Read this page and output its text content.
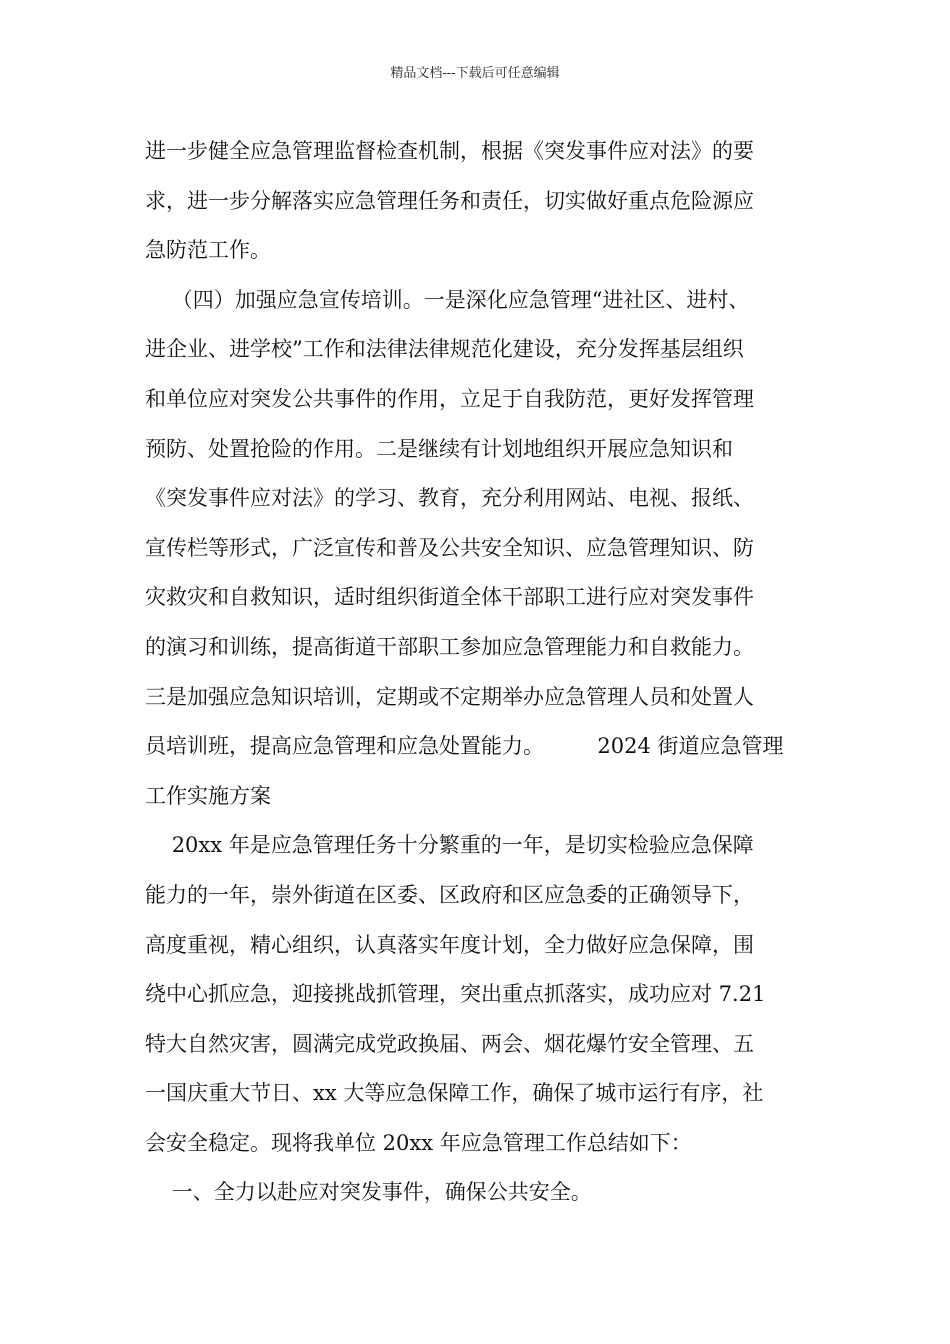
精品文档---下载后可任意编辑
进一步健全应急管理监督检查机制，根据《突发事件应对法》的要
求，进一步分解落实应急管理任务和责任，切实做好重点危险源应
急防范工作。
（四）加强应急宣传培训。一是深化应急管理“进社区、进村、
进企业、进学校”工作和法律法律规范化建设，充分发挥基层组织
和单位应对突发公共事件的作用，立足于自我防范，更好发挥管理
预防、处置抢险的作用。二是继续有计划地组织开展应急知识和
《突发事件应对法》的学习、教育，充分利用网站、电视、报纸、
宣传栏等形式，广泛宣传和普及公共安全知识、应急管理知识、防
灾救灾和自救知识，适时组织街道全体干部职工进行应对突发事件
的演习和训练，提高街道干部职工参加应急管理能力和自救能力。
三是加强应急知识培训，定期或不定期举办应急管理人员和处置人
员培训班，提高应急管理和应急处置能力。        2024 街道应急管理
工作实施方案
20xx 年是应急管理任务十分繁重的一年，是切实检验应急保障
能力的一年，崇外街道在区委、区政府和区应急委的正确领导下，
高度重视，精心组织，认真落实年度计划，全力做好应急保障，围
绕中心抓应急，迎接挑战抓管理，突出重点抓落实，成功应对 7.21
特大自然灾害，圆满完成党政换届、两会、烟花爆竹安全管理、五
一国庆重大节日、xx 大等应急保障工作，确保了城市运行有序，社
会安全稳定。现将我单位 20xx 年应急管理工作总结如下：
一、全力以赴应对突发事件，确保公共安全。
